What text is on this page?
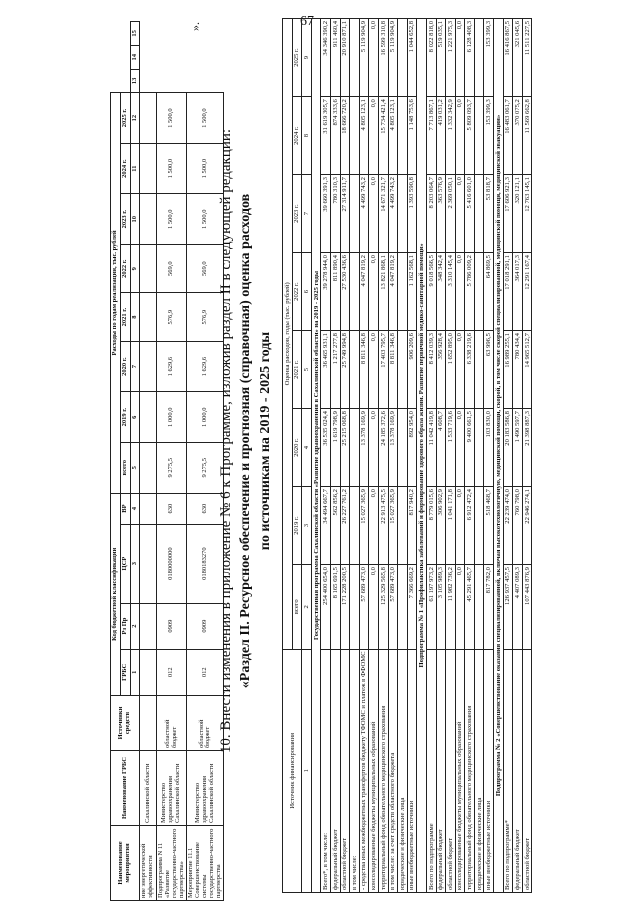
67
Наименование мероприятия	Наименование ГРБС	Источники средств	Код бюджетной классификации				Расходы по годам реализации, тыс. рублей										
			ГРБС	Рз Пр	ЦСР	ВР	всего	2019 г.	2020 г.	2021 г.	2022 г.	2023 г.	2024 г.	2025 г.			
			1	2	3	4	5	6	7	8	9	10	11	12	13	14	15
ние энергетической эффективности	Сахалинской области																
Подпрограмма N 11 «Развитие государственно-частного партнерства»	Министерство здравоохранения Сахалинской области	областной бюджет	012	0909	0180000000	630	9 275,5	1 000,0	1 629,6	576,9	569,0	1 500,0	1 500,0	1 500,0			
Мероприятие 11.1 Совершенствование системы государственно-частного партнерства	Министерство здравоохранения Сахалинской области	областной бюджет	012	0909	0180183270	630	9 275,5	1 000,0	1 629,6	576,9	569,0	1 500,0	1 500,0	1 500,0			
».
10. Внести изменения в приложение № 6 к Программе, изложив раздел II в следующей редакции: «Раздел II. Ресурсное обеспечение и прогнозная (справочная) оценка расходов по источникам на 2019 - 2025 годы
Источник финансирования	Оценка расходов, годы (тыс. рублей)							
	всего	2019 г.	2020 г.	2021 г.	2022 г.	2023 г.	2024 г.	2025 г.
1	2	3	4	5	6	7	8	9
Государственная программа Сахалинской области «Развитие здравоохранения в Сахалинской области» на 2019 - 2025 годы								
Всего*, в том числе:	254 400 654,0	34 494 667,7	36 535 024,4	36 465 931,1	39 278 944,0	39 660 391,3	31 619 305,7	34 346 390,2
федеральный бюджет	8 165 691,5	562 856,2	1 619 798,9	1 217 277,8	811 890,4	780 310,3	874 333,6	911 460,4
областной бюджет	171 228 200,5	26 227 761,2	25 215 068,8	25 749 994,8	27 530 436,6	27 314 911,7	18 666 720,2	20 910 871,1
в том числе:								
- средства иных межбюджетных трансфертов бюджету ТФОМС и платеж в ФФОМС	57 689 473,0	15 027 365,9	13 378 169,9	8 811 346,8	4 047 819,2	4 499 743,2	4 805 123,1	5 119 904,9
консолидированные бюджеты муниципальных образований	0,0	0,0	0,0	0,0	0,0	0,0	0,0	0,0
территориальный фонд обязательного медицинского страхования	125 329 565,8	22 913 475,5	24 185 372,6	17 403 795,7	13 821 868,1	14 671 321,7	15 734 421,4	16 599 310,8
в том числе: за счет средств областного бюджета	57 689 473,0	15 027 365,9	13 378 169,9	8 811 346,8	4 047 819,2	4 499 743,2	4 805 123,1	5 119 904,9
юридические и физические лица								
иные внебюджетные источники	7 366 669,2	817 940,2	892 954,0	906 209,6	1 162 568,1	1 393 590,8	1 148 753,6	1 044 652,8
Подпрограмма № 1 «Профилактика заболеваний и формирование здорового образа жизни. Развитие первичной медико-санитарной помощи»								
Всего по подпрограмме	61 197 973,2	8 779 015,6	11 042 419,8	8 412 039,3	9 018 566,5	8 203 064,7	7 713 867,1	8 022 818,0
федеральный бюджет	3 105 989,3	306 902,9	4 608,7	356 928,4	348 342,4	363 576,9	419 031,2	519 035,1
областной бюджет	11 982 736,2	1 041 171,8	1 533 719,6	1 652 895,0	3 310 145,4	2 369 050,1	1 332 342,9	1 221 975,3
консолидированные бюджеты муниципальных образований	0,0	0,0	0,0	0,0	0,0	0,0	0,0	0,0
территориальный фонд обязательного медицинского страхования	45 291 465,7	6 912 472,4	9 400 661,5	6 338 219,6	5 786 009,2	5 416 601,0	5 809 093,7	6 128 408,3
юридические и физические лица								
иные внебюджетные источники	817 782,0	518 468,7	103 830,0	63 996,5	64 869,5	53 818,7	153 399,3	153 399,3
Подпрограмма № 2 «Совершенствование оказания специализированной, включая высокотехнологичную, медицинской помощи, скорой, в том числе скорой специализированной, медицинской помощи, медицинской эвакуации»								
Всего по подпрограмме*	126 937 457,5	22 239 474,0	20 183 586,8	16 989 255,1	17 018 291,1	17 606 921,3	16 483 061,7	16 416 867,5
федеральный бюджет	4 407 089,3	760 798,0	1 490 597,7	780 434,4	364 017,3	320 121,1	370 075,2	321 045,6
областной бюджет	107 443 876,9	22 946 274,1	21 398 887,3	14 965 512,7	12 291 167,4	12 763 145,1	11 569 662,8	11 511 227,5
